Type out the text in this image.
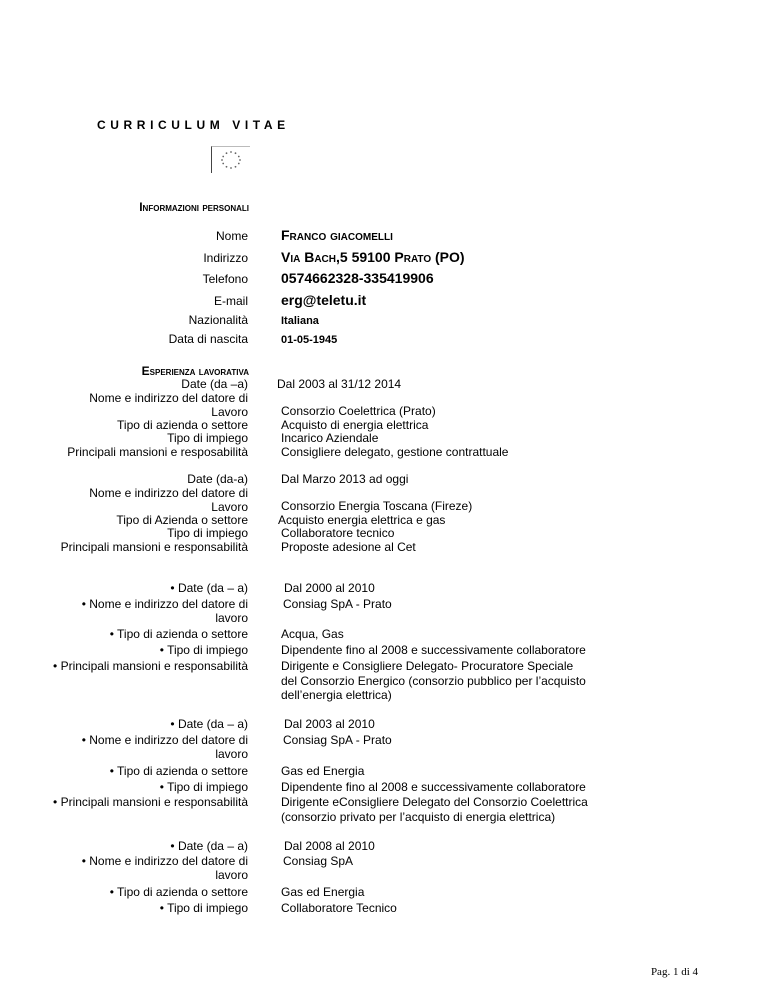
CURRICULUM VITAE
Informazioni personali
Nome Franco giacomelli
Indirizzo Via Bach,5 59100 Prato (PO)
Telefono 0574662328-335419906
E-mail erg@teletu.it
Nazionalità	Italiana
Data di nascita	01-05-1945
Esperienza lavorativa
Date (da –a) Dal 2003 al 31/12 2014
Nome e indirizzo del datore di Lavoro	Consorzio Coelettrica (Prato)
Tipo di azienda o settore	Acquisto di energia elettrica
Tipo di impiego	Incarico Aziendale
Principali mansioni e resposabilità	Consigliere delegato, gestione contrattuale
Date (da-a)	Dal Marzo 2013 ad oggi
Nome e indirizzo del datore di Lavoro	Consorzio Energia Toscana (Fireze)
Tipo di Azienda o settore	Acquisto energia elettrica e gas
Tipo di impiego	Collaboratore tecnico
Principali mansioni e responsabilità	Proposte adesione al Cet
• Date (da – a)	Dal 2000 al 2010
• Nome e indirizzo del datore di lavoro
Consiag SpA - Prato
• Tipo di azienda o settore	Acqua, Gas
• Tipo di impiego	Dipendente fino al 2008 e successivamente collaboratore
• Principali mansioni e responsabilità	Dirigente e Consigliere Delegato- Procuratore Speciale
del Consorzio Energico (consorzio pubblico per l’acquisto
dell’energia elettrica)
• Date (da – a)	Dal 2003 al 2010
• Nome e indirizzo del datore di lavoro
Consiag SpA - Prato
• Tipo di azienda o settore	Gas ed Energia
• Tipo di impiego	Dipendente fino al 2008 e successivamente collaboratore
• Principali mansioni e responsabilità	Dirigente eConsigliere Delegato del Consorzio Coelettrica
(consorzio privato per l’acquisto di energia elettrica)
• Date (da – a)	Dal 2008 al 2010
• Nome e indirizzo del datore di lavoro
Consiag SpA
• Tipo di azienda o settore	Gas ed Energia
• Tipo di impiego	Collaboratore Tecnico
Pag. 1 di 4
